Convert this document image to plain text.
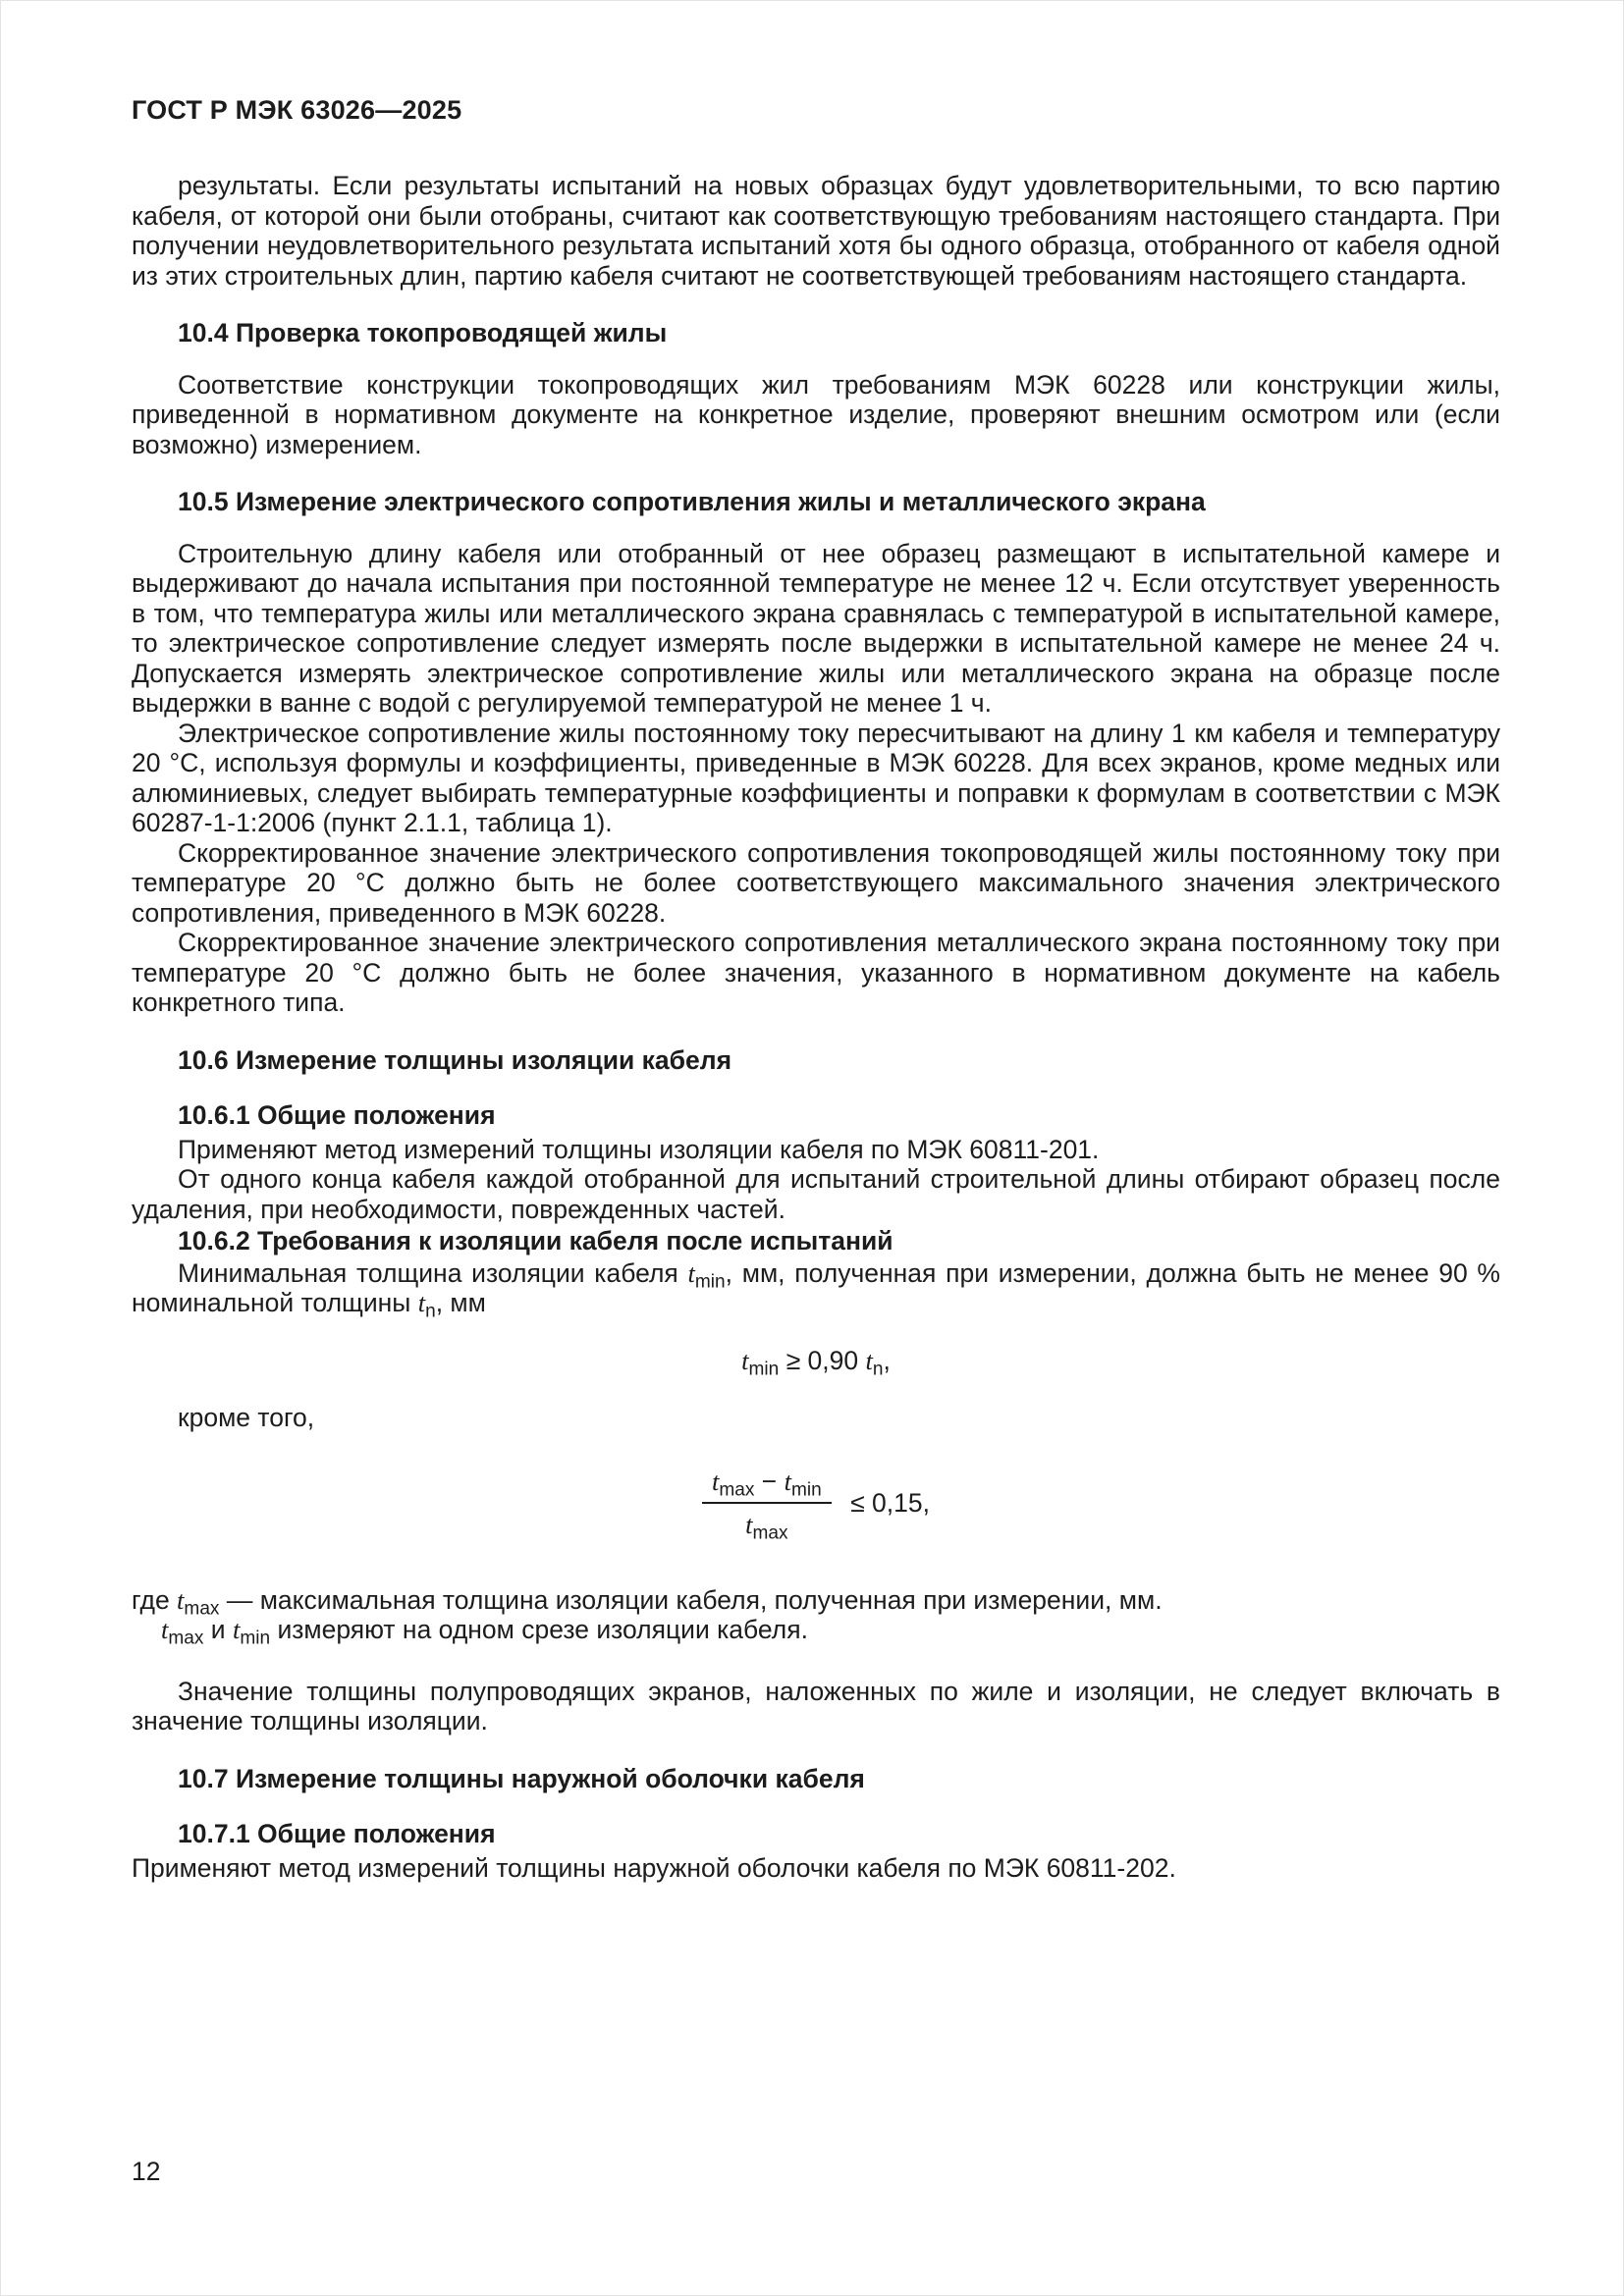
ГОСТ Р МЭК 63026—2025

результаты. Если результаты испытаний на новых образцах будут удовлетворительными, то всю партию кабеля, от которой они были отобраны, считают как соответствующую требованиям настоящего стандарта. При получении неудовлетворительного результата испытаний хотя бы одного образца, отобранного от кабеля одной из этих строительных длин, партию кабеля считают не соответствующей требованиям настоящего стандарта.

10.4 Проверка токопроводящей жилы

Соответствие конструкции токопроводящих жил требованиям МЭК 60228 или конструкции жилы, приведенной в нормативном документе на конкретное изделие, проверяют внешним осмотром или (если возможно) измерением.

10.5 Измерение электрического сопротивления жилы и металлического экрана

Строительную длину кабеля или отобранный от нее образец размещают в испытательной камере и выдерживают до начала испытания при постоянной температуре не менее 12 ч. Если отсутствует уверенность в том, что температура жилы или металлического экрана сравнялась с температурой в испытательной камере, то электрическое сопротивление следует измерять после выдержки в испытательной камере не менее 24 ч. Допускается измерять электрическое сопротивление жилы или металлического экрана на образце после выдержки в ванне с водой с регулируемой температурой не менее 1 ч.

Электрическое сопротивление жилы постоянному току пересчитывают на длину 1 км кабеля и температуру 20 °C, используя формулы и коэффициенты, приведенные в МЭК 60228. Для всех экранов, кроме медных или алюминиевых, следует выбирать температурные коэффициенты и поправки к формулам в соответствии с МЭК 60287-1-1:2006 (пункт 2.1.1, таблица 1).

Скорректированное значение электрического сопротивления токопроводящей жилы постоянному току при температуре 20 °C должно быть не более соответствующего максимального значения электрического сопротивления, приведенного в МЭК 60228.

Скорректированное значение электрического сопротивления металлического экрана постоянному току при температуре 20 °C должно быть не более значения, указанного в нормативном документе на кабель конкретного типа.

10.6 Измерение толщины изоляции кабеля
10.6.1 Общие положения

Применяют метод измерений толщины изоляции кабеля по МЭК 60811-201.

От одного конца кабеля каждой отобранной для испытаний строительной длины отбирают образец после удаления, при необходимости, поврежденных частей.

10.6.2 Требования к изоляции кабеля после испытаний

Минимальная толщина изоляции кабеля $t_{min}$, мм, полученная при измерении, должна быть не менее 90 % номинальной толщины $t_n$, мм

$t_{min} \ge 0,90$ $t_n$,

кроме того,

$\frac{t_{max} - t_{min}}{t_{max}} \le 0,15$,

где $t_{max}$ — максимальная толщина изоляции кабеля, полученная при измерении, мм.

$t_{max}$ и $t_{min}$ измеряют на одном срезе изоляции кабеля.

Значение толщины полупроводящих экранов, наложенных по жиле и изоляции, не следует включать в значение толщины изоляции.

10.7 Измерение толщины наружной оболочки кабеля
10.7.1 Общие положения

Применяют метод измерений толщины наружной оболочки кабеля по МЭК 60811-202.

12
